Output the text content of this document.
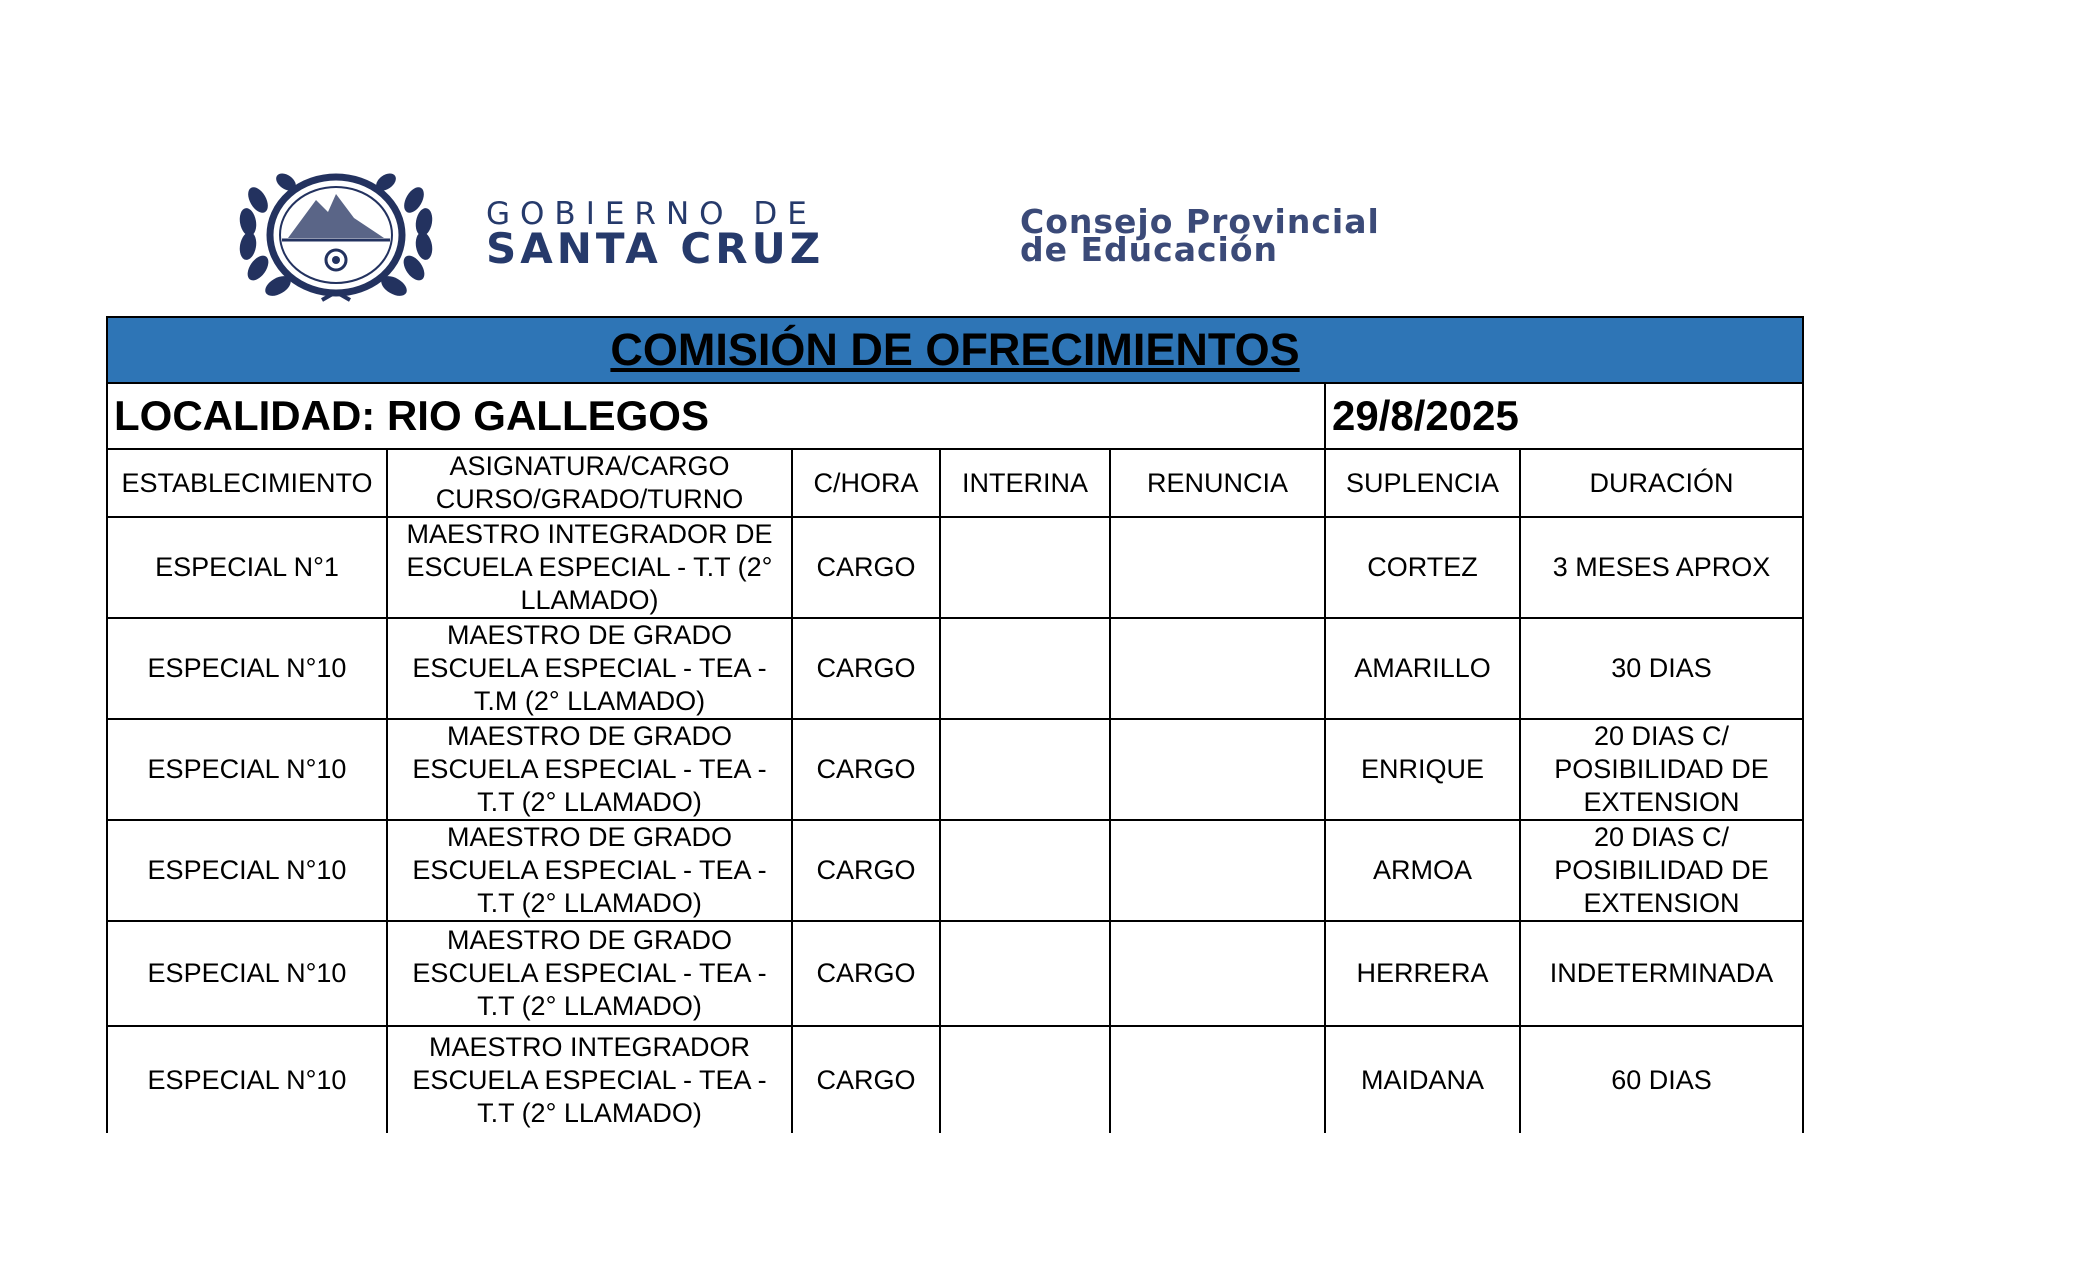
GOBIERNO DE
SANTA CRUZ
Consejo Provincial
de Educación
COMISIÓN DE OFRECIMIENTOS						
LOCALIDAD: RIO GALLEGOS					29/8/2025	
ESTABLECIMIENTO	ASIGNATURA/CARGO CURSO/GRADO/TURNO	C/HORA	INTERINA	RENUNCIA	SUPLENCIA	DURACIÓN
ESPECIAL N°1	MAESTRO INTEGRADOR DE ESCUELA ESPECIAL - T.T (2° LLAMADO)	CARGO			CORTEZ	3 MESES APROX
ESPECIAL N°10	MAESTRO DE GRADO ESCUELA ESPECIAL - TEA - T.M (2° LLAMADO)	CARGO			AMARILLO	30 DIAS
ESPECIAL N°10	MAESTRO DE GRADO ESCUELA ESPECIAL - TEA - T.T (2° LLAMADO)	CARGO			ENRIQUE	20 DIAS C/ POSIBILIDAD DE EXTENSION
ESPECIAL N°10	MAESTRO DE GRADO ESCUELA ESPECIAL - TEA - T.T (2° LLAMADO)	CARGO			ARMOA	20 DIAS C/ POSIBILIDAD DE EXTENSION
ESPECIAL N°10	MAESTRO DE GRADO ESCUELA ESPECIAL - TEA - T.T (2° LLAMADO)	CARGO			HERRERA	INDETERMINADA
ESPECIAL N°10	MAESTRO INTEGRADOR ESCUELA ESPECIAL - TEA - T.T (2° LLAMADO)	CARGO			MAIDANA	60 DIAS
